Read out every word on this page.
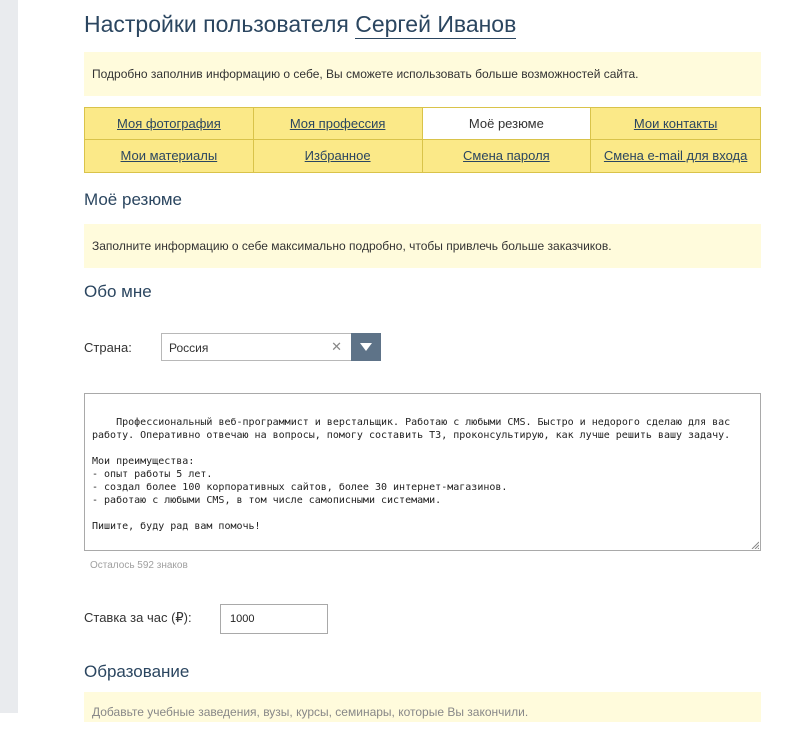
Настройки пользователя Сергей Иванов
Подробно заполнив информацию о себе, Вы сможете использовать больше возможностей сайта.
Моя фотография	Моя профессия	Моё резюме	Мои контакты
Мои материалы	Избранное	Смена пароля	Смена e-mail для входа
Моё резюме
Заполните информацию о себе максимально подробно, чтобы привлечь больше заказчиков.
Обо мне
Страна:	Россия	✕

Профессиональный веб-программист и верстальщик. Работаю с любыми CMS. Быстро и недорого сделаю для вас работу. Оперативно отвечаю на вопросы, помогу составить ТЗ, проконсультирую, как лучше решить вашу задачу.

Мои преимущества:
- опыт работы 5 лет.
- создал более 100 корпоративных сайтов, более 30 интернет-магазинов.
- работаю с любыми CMS, в том числе самописными системами.

Пишите, буду рад вам помочь!

Осталось 592 знаков
Ставка за час (₽):
1000
Образование
Добавьте учебные заведения, вузы, курсы, семинары, которые Вы закончили.
